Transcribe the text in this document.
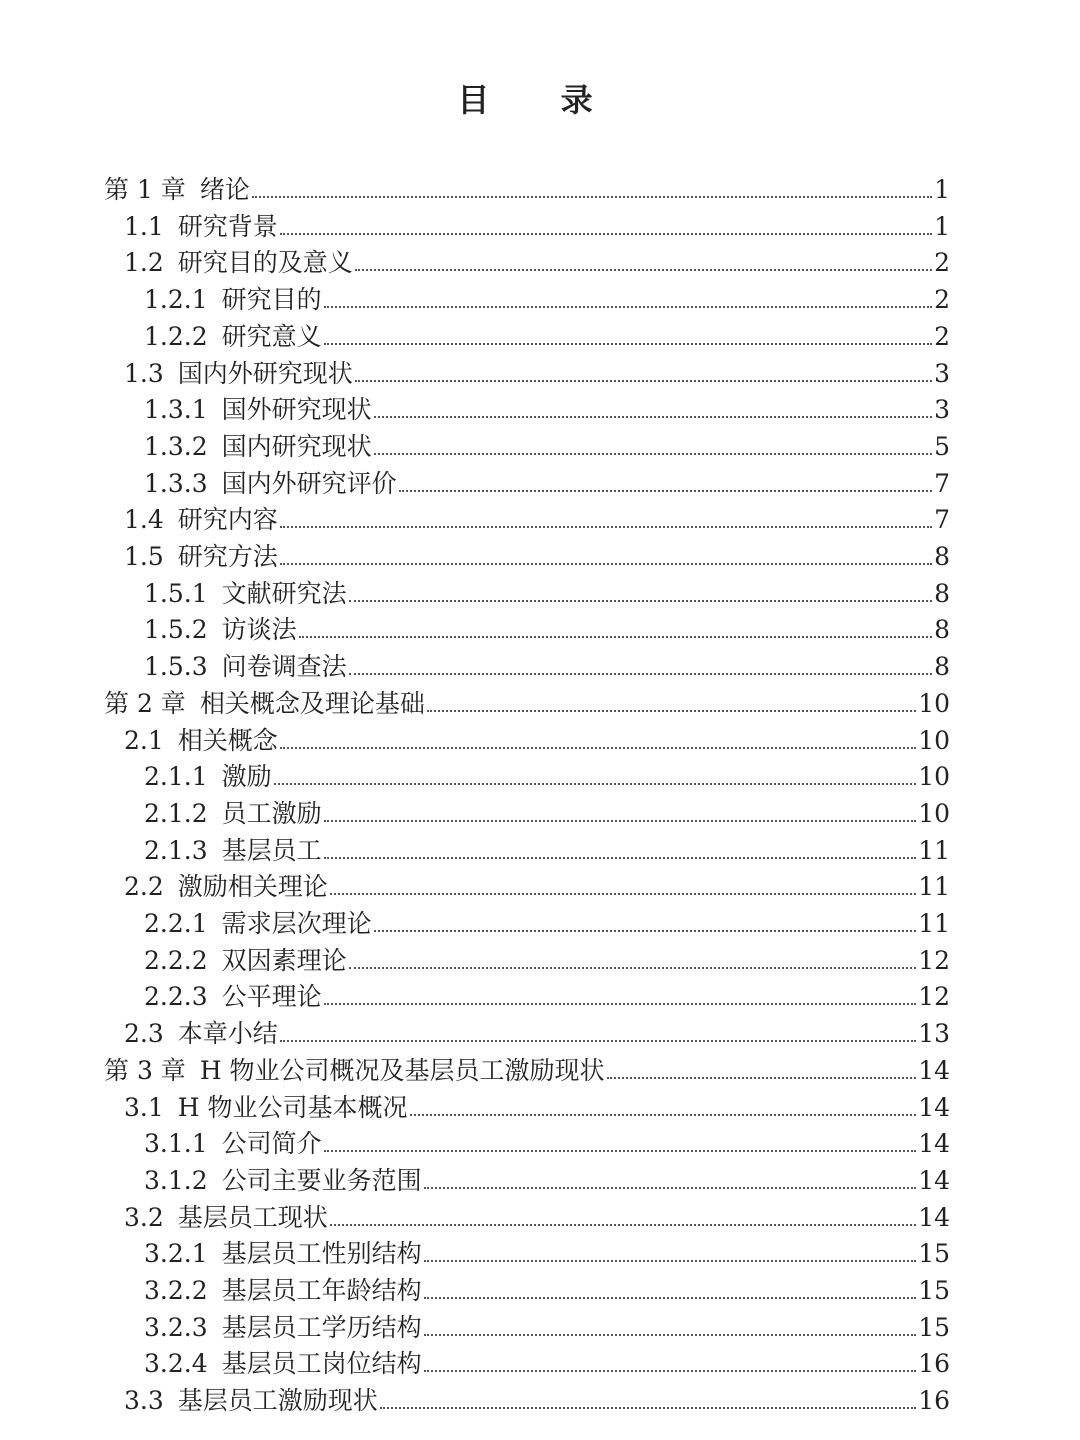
目 录
第 1 章 绪论	1
1.1 研究背景	1
1.2 研究目的及意义	2
1.2.1 研究目的	2
1.2.2 研究意义	2
1.3 国内外研究现状	3
1.3.1 国外研究现状	3
1.3.2 国内研究现状	5
1.3.3 国内外研究评价	7
1.4 研究内容	7
1.5 研究方法	8
1.5.1 文献研究法	8
1.5.2 访谈法	8
1.5.3 问卷调查法	8
第 2 章 相关概念及理论基础	10
2.1 相关概念	10
2.1.1 激励	10
2.1.2 员工激励	10
2.1.3 基层员工	11
2.2 激励相关理论	11
2.2.1 需求层次理论	11
2.2.2 双因素理论	12
2.2.3 公平理论	12
2.3 本章小结	13
第 3 章 H 物业公司概况及基层员工激励现状	14
3.1 H 物业公司基本概况	14
3.1.1 公司简介	14
3.1.2 公司主要业务范围	14
3.2 基层员工现状	14
3.2.1 基层员工性别结构	15
3.2.2 基层员工年龄结构	15
3.2.3 基层员工学历结构	15
3.2.4 基层员工岗位结构	16
3.3 基层员工激励现状	16
